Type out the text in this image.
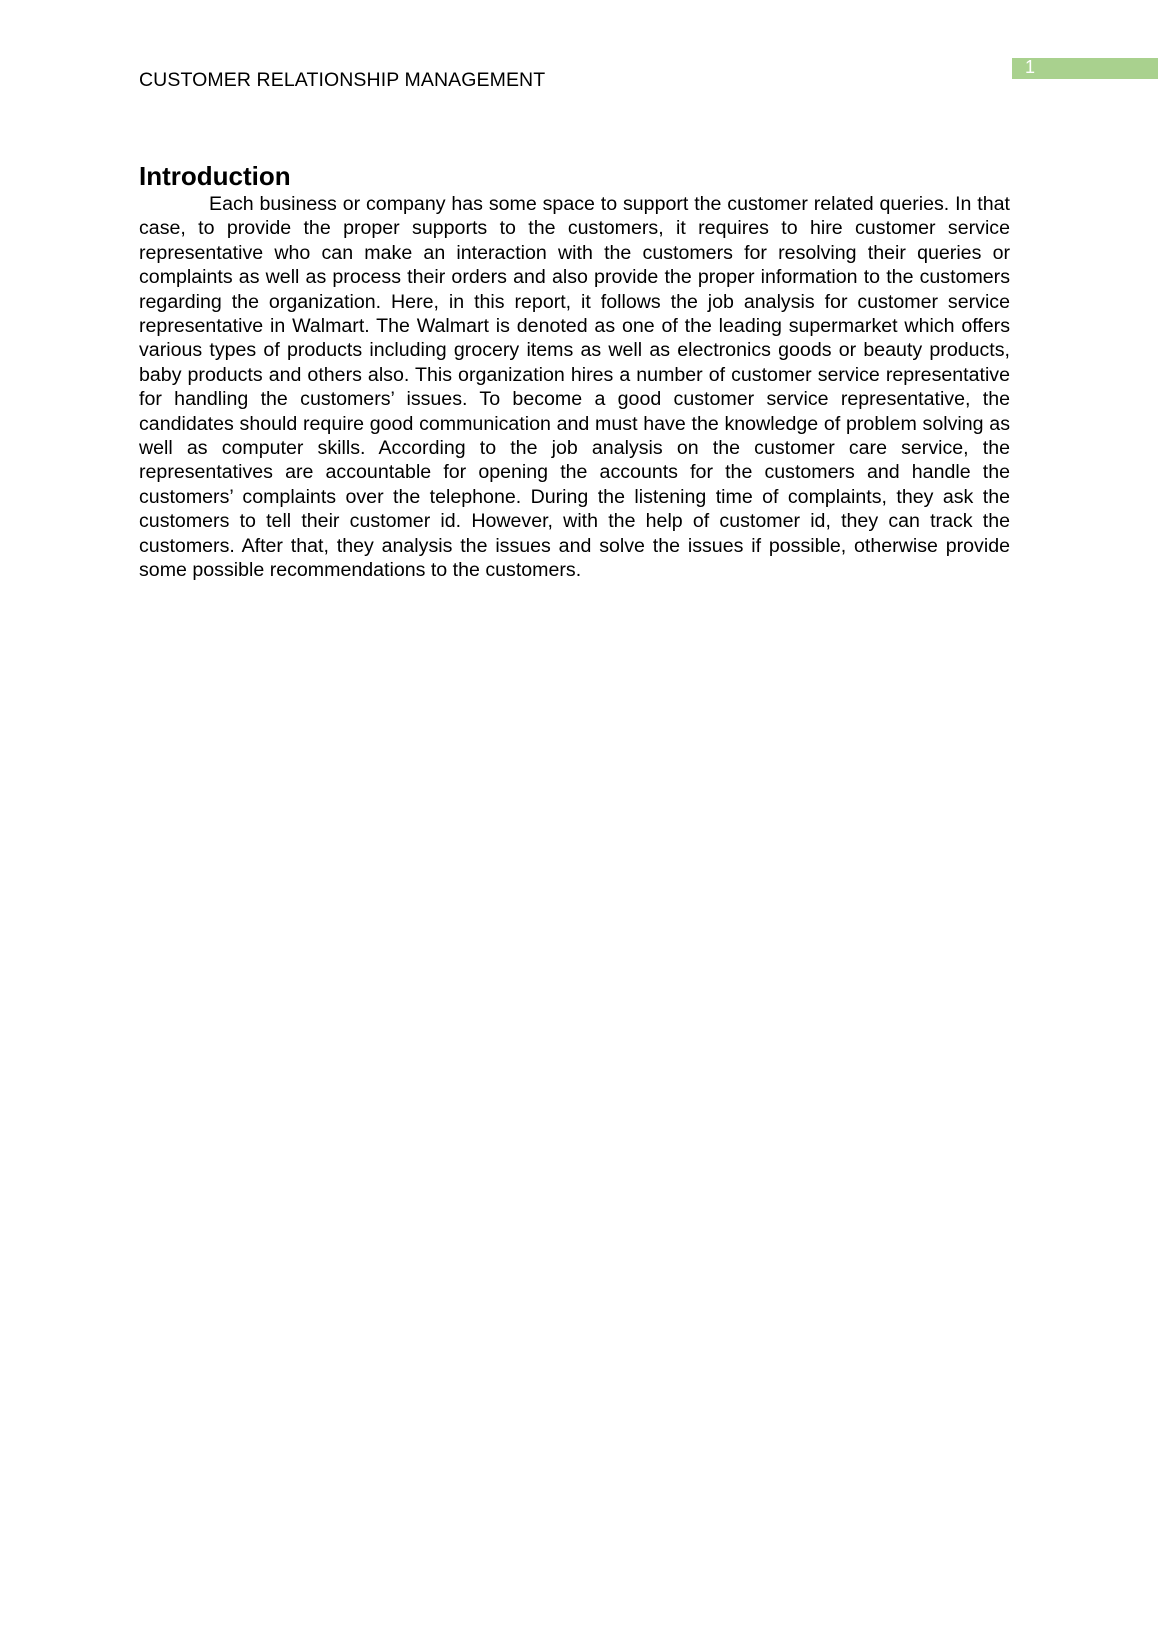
CUSTOMER RELATIONSHIP MANAGEMENT
1
Introduction

Each business or company has some space to support the customer related queries. In that case, to provide the proper supports to the customers, it requires to hire customer service representative who can make an interaction with the customers for resolving their queries or complaints as well as process their orders and also provide the proper information to the customers regarding the organization. Here, in this report, it follows the job analysis for customer service representative in Walmart. The Walmart is denoted as one of the leading supermarket which offers various types of products including grocery items as well as electronics goods or beauty products, baby products and others also. This organization hires a number of customer service representative for handling the customers’ issues. To become a good customer service representative, the candidates should require good communication and must have the knowledge of problem solving as well as computer skills. According to the job analysis on the customer care service, the representatives are accountable for opening the accounts for the customers and handle the customers’ complaints over the telephone. During the listening time of complaints, they ask the customers to tell their customer id. However, with the help of customer id, they can track the customers. After that, they analysis the issues and solve the issues if possible, otherwise provide some possible recommendations to the customers.
